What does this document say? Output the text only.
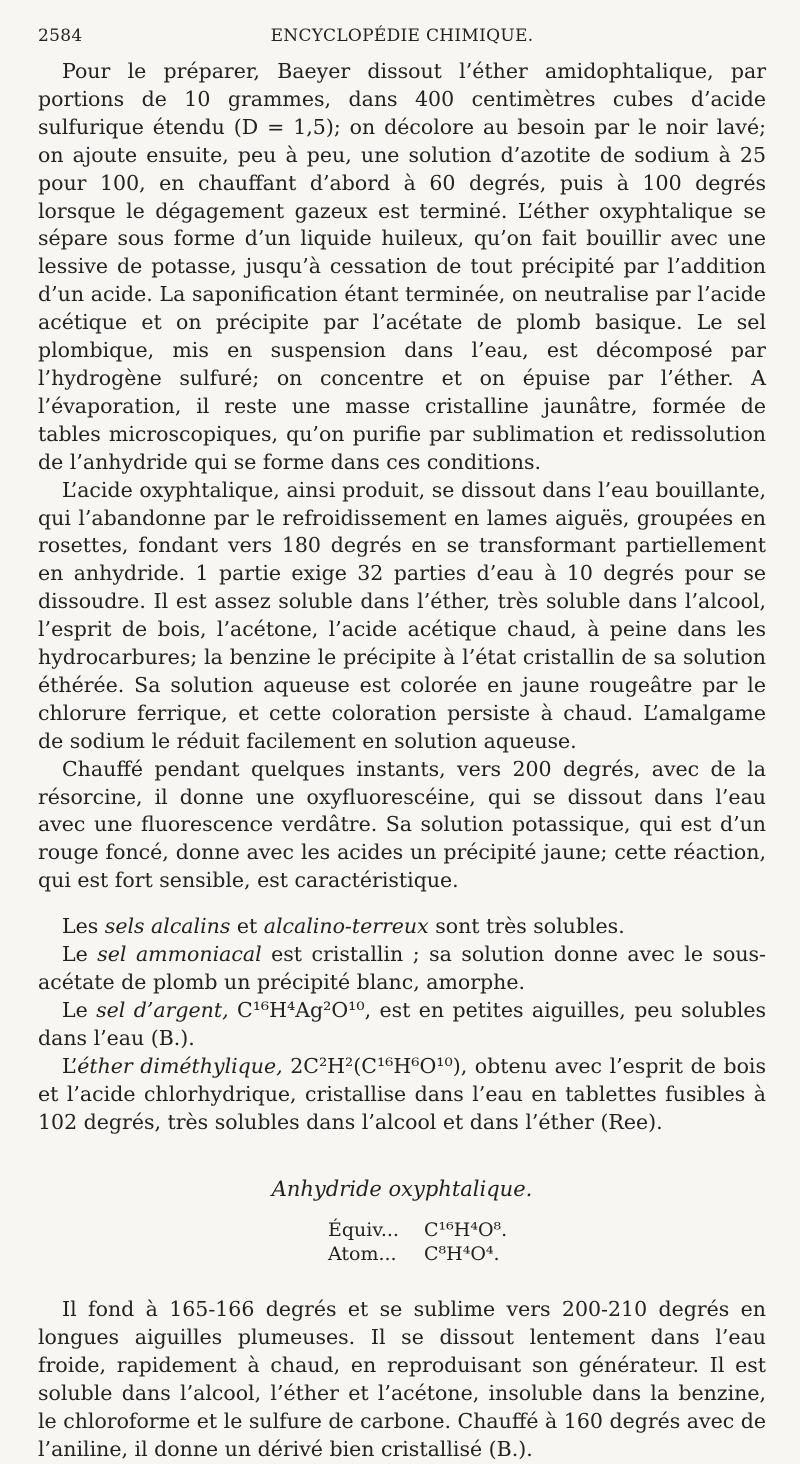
2584	ENCYCLOPÉDIE CHIMIQUE.

Pour le préparer, Baeyer dissout l’éther amidophtalique, par portions de 10 grammes, dans 400 centimètres cubes d’acide sulfurique étendu (D = 1,5); on décolore au besoin par le noir lavé; on ajoute ensuite, peu à peu, une solution d’azotite de sodium à 25 pour 100, en chauffant d’abord à 60 degrés, puis à 100 degrés lorsque le dégagement gazeux est terminé. L’éther oxyphtalique se sépare sous forme d’un liquide huileux, qu’on fait bouillir avec une lessive de potasse, jusqu’à cessation de tout précipité par l’addition d’un acide. La saponification étant terminée, on neutralise par l’acide acétique et on précipite par l’acétate de plomb basique. Le sel plombique, mis en suspension dans l’eau, est décomposé par l’hydrogène sulfuré; on concentre et on épuise par l’éther. A l’évaporation, il reste une masse cristalline jaunâtre, formée de tables microscopiques, qu’on purifie par sublimation et redissolution de l’anhydride qui se forme dans ces conditions.

L’acide oxyphtalique, ainsi produit, se dissout dans l’eau bouillante, qui l’abandonne par le refroidissement en lames aiguës, groupées en rosettes, fondant vers 180 degrés en se transformant partiellement en anhydride. 1 partie exige 32 parties d’eau à 10 degrés pour se dissoudre. Il est assez soluble dans l’éther, très soluble dans l’alcool, l’esprit de bois, l’acétone, l’acide acétique chaud, à peine dans les hydrocarbures; la benzine le précipite à l’état cristallin de sa solution éthérée. Sa solution aqueuse est colorée en jaune rougeâtre par le chlorure ferrique, et cette coloration persiste à chaud. L’amalgame de sodium le réduit facilement en solution aqueuse.

Chauffé pendant quelques instants, vers 200 degrés, avec de la résorcine, il donne une oxyfluorescéine, qui se dissout dans l’eau avec une fluorescence verdâtre. Sa solution potassique, qui est d’un rouge foncé, donne avec les acides un précipité jaune; cette réaction, qui est fort sensible, est caractéristique.

Les sels alcalins et alcalino-terreux sont très solubles.

Le sel ammoniacal est cristallin ; sa solution donne avec le sous-acétate de plomb un précipité blanc, amorphe.

Le sel d’argent, C¹⁶H⁴Ag²O¹⁰, est en petites aiguilles, peu solubles dans l’eau (B.).

L’éther diméthylique, 2C²H²(C¹⁶H⁶O¹⁰), obtenu avec l’esprit de bois et l’acide chlorhydrique, cristallise dans l’eau en tablettes fusibles à 102 degrés, très solubles dans l’alcool et dans l’éther (Ree).

Anhydride oxyphtalique.
Équiv...	C¹⁶H⁴O⁸.
Atom...	C⁸H⁴O⁴.

Il fond à 165-166 degrés et se sublime vers 200-210 degrés en longues aiguilles plumeuses. Il se dissout lentement dans l’eau froide, rapidement à chaud, en reproduisant son générateur. Il est soluble dans l’alcool, l’éther et l’acétone, insoluble dans la benzine, le chloroforme et le sulfure de carbone. Chauffé à 160 degrés avec de l’aniline, il donne un dérivé bien cristallisé (B.).
